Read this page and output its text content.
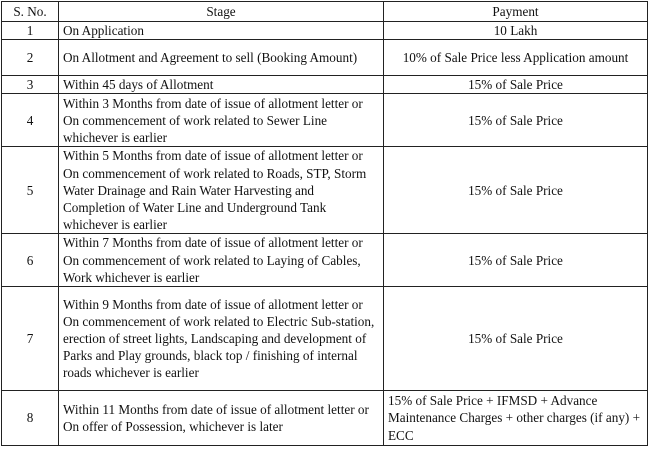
S. No.	Stage	Payment
1	On Application	10 Lakh
2	On Allotment and Agreement to sell (Booking Amount)	10% of Sale Price less Application amount
3	Within 45 days of Allotment	15% of Sale Price
4	Within 3 Months from date of issue of allotment letter or On commencement of work related to Sewer Line whichever is earlier	15% of Sale Price
5	Within 5 Months from date of issue of allotment letter or On commencement of work related to Roads, STP, Storm Water Drainage and Rain Water Harvesting and Completion of Water Line and Underground Tank whichever is earlier	15% of Sale Price
6	Within 7 Months from date of issue of allotment letter or On commencement of work related to Laying of Cables, Work whichever is earlier	15% of Sale Price
7	Within 9 Months from date of issue of allotment letter or On commencement of work related to Electric Sub-station, erection of street lights, Landscaping and development of Parks and Play grounds, black top / finishing of internal roads whichever is earlier	15% of Sale Price
8	Within 11 Months from date of issue of allotment letter or On offer of Possession, whichever is later	15% of Sale Price + IFMSD + Advance Maintenance Charges + other charges (if any) + ECC
